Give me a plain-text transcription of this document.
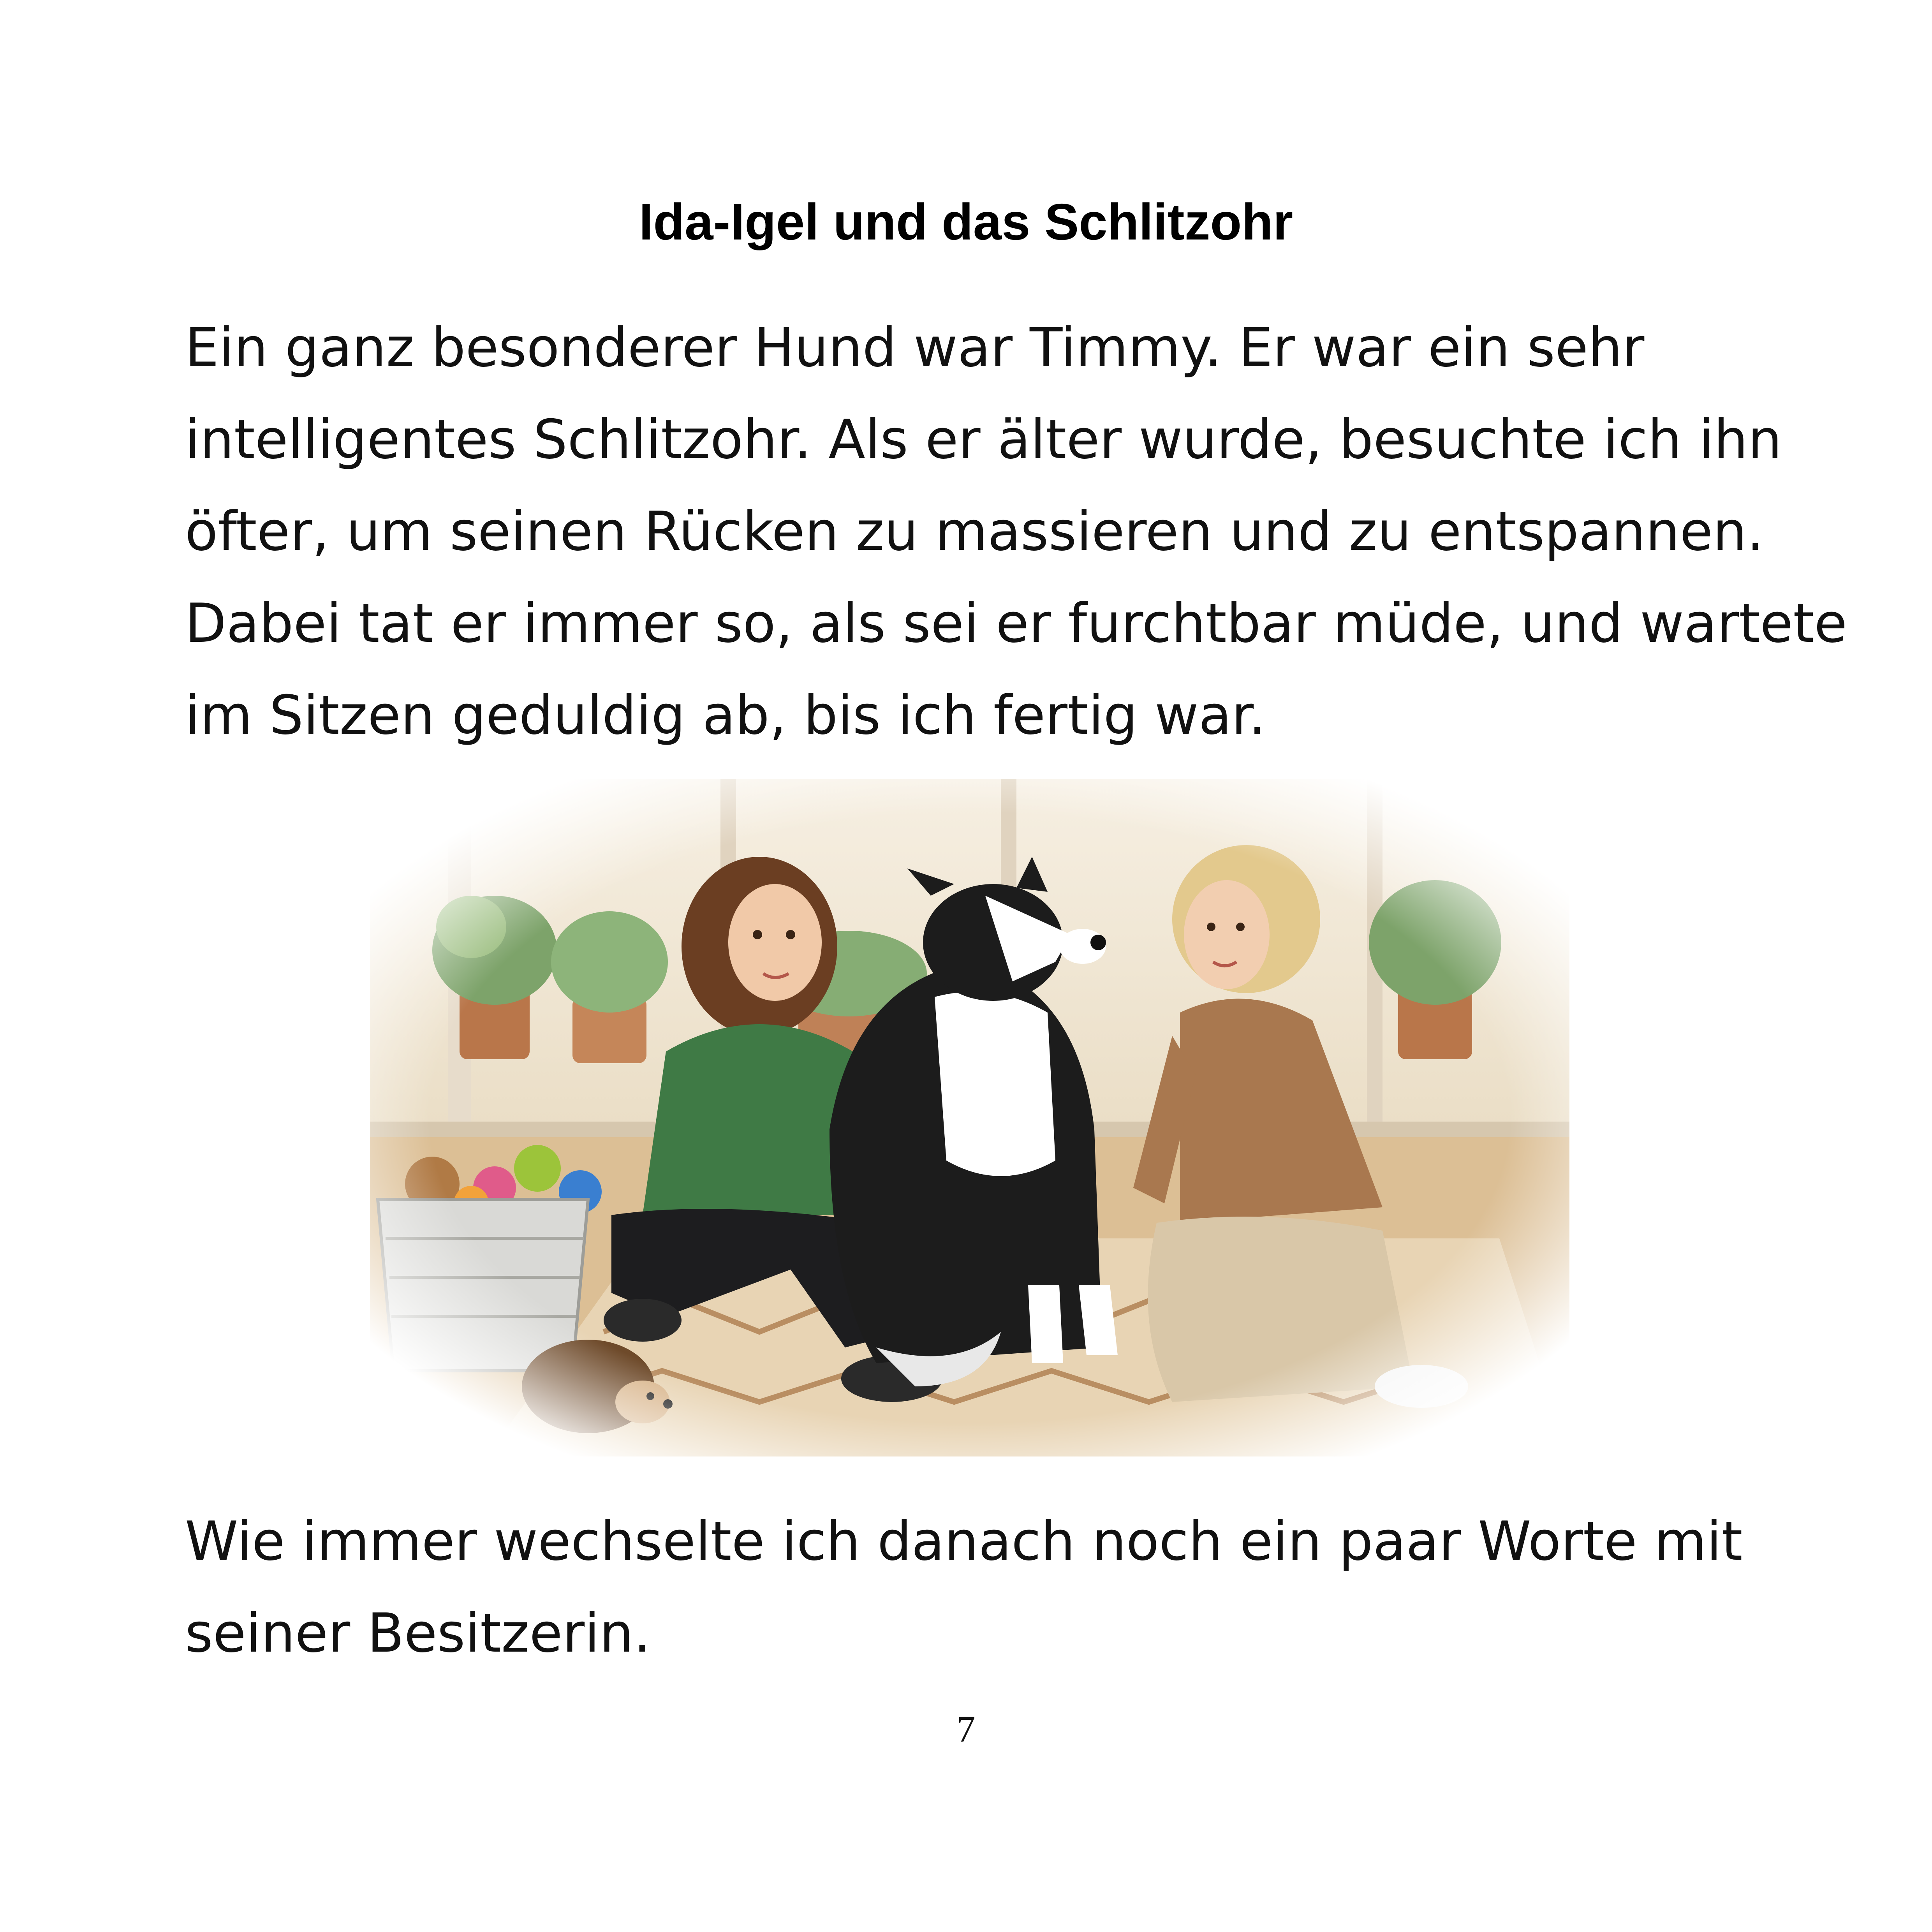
Ida-Igel und das Schlitzohr
Ein ganz besonderer Hund war Timmy. Er war ein sehr
intelligentes Schlitzohr. Als er älter wurde, besuchte ich ihn
öfter, um seinen Rücken zu massieren und zu entspannen.
Dabei tat er immer so, als sei er furchtbar müde, und wartete
im Sitzen geduldig ab, bis ich fertig war.
Wie immer wechselte ich danach noch ein paar Worte mit
seiner Besitzerin.
7
